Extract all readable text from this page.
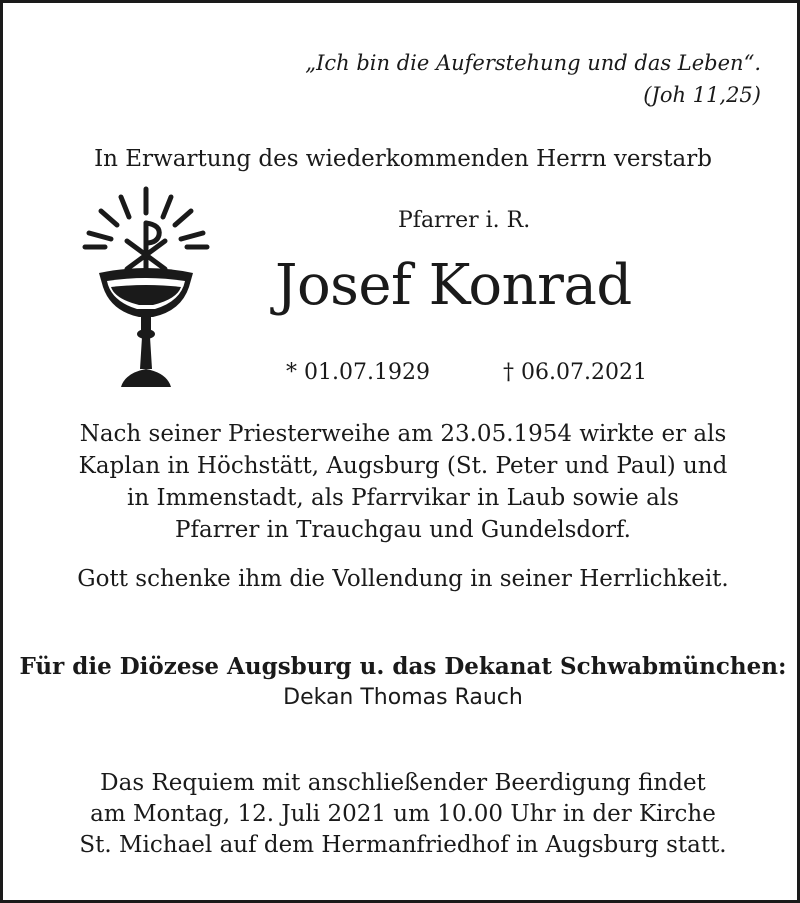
„Ich bin die Auferstehung und das Leben“.
(Joh 11,25)
In Erwartung des wiederkommenden Herrn verstarb
Pfarrer i. R.
Josef Konrad
* 01.07.1929	† 06.07.2021
Nach seiner Priesterweihe am 23.05.1954 wirkte er als
Kaplan in Höchstätt, Augsburg (St. Peter und Paul) und
in Immenstadt, als Pfarrvikar in Laub sowie als
Pfarrer in Trauchgau und Gundelsdorf.
Gott schenke ihm die Vollendung in seiner Herrlichkeit.
Für die Diözese Augsburg u. das Dekanat Schwabmünchen:
Dekan Thomas Rauch
Das Requiem mit anschließender Beerdigung findet
am Montag, 12. Juli 2021 um 10.00 Uhr in der Kirche
St. Michael auf dem Hermanfriedhof in Augsburg statt.
